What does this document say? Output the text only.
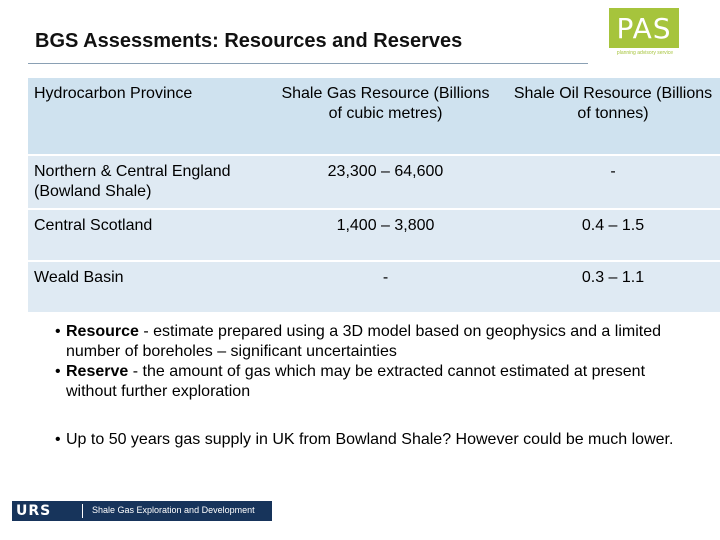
BGS Assessments: Resources and Reserves	PAS
planning advisory service
Hydrocarbon Province	Shale Gas Resource (Billions of cubic metres)	Shale Oil Resource (Billions of tonnes)
Northern & Central England (Bowland Shale)	23,300 – 64,600	-
Central Scotland	1,400 – 3,800	0.4 – 1.5
Weald Basin	-	0.3 – 1.1
• Resource - estimate prepared using a 3D model based on geophysics and a limited number of boreholes – significant uncertainties
• Reserve - the amount of gas which may be extracted cannot estimated at present without further exploration
• Up to 50 years gas supply in UK from Bowland Shale? However could be much lower.
URS	Shale Gas Exploration and Development
